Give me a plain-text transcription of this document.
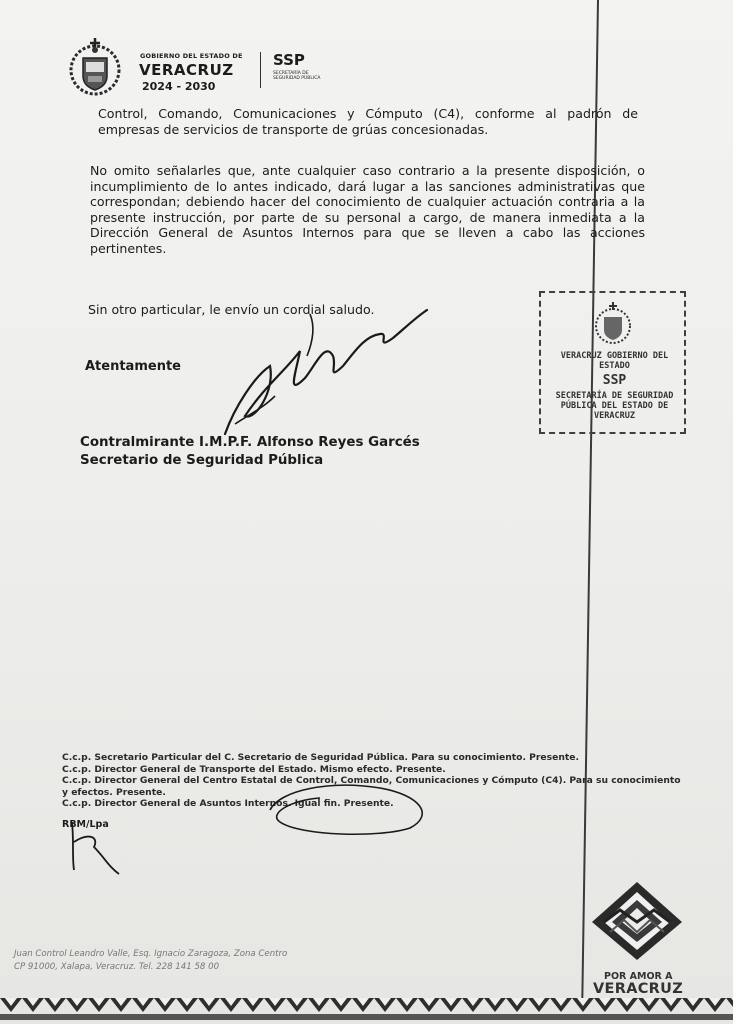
GOBIERNO DEL ESTADO DE
VERACRUZ
2024 - 2030
SSP
SECRETARÍA DE SEGURIDAD PÚBLICA

Control, Comando, Comunicaciones y Cómputo (C4), conforme al padrón de empresas de servicios de transporte de grúas concesionadas.

No omito señalarles que, ante cualquier caso contrario a la presente disposición, o incumplimiento de lo antes indicado, dará lugar a las sanciones administrativas que correspondan; debiendo hacer del conocimiento de cualquier actuación contraria a la presente instrucción, por parte de su personal a cargo, de manera inmediata a la Dirección General de Asuntos Internos para que se lleven a cabo las acciones pertinentes.

Sin otro particular, le envío un cordial saludo.

Atentamente
Contralmirante I.M.P.F. Alfonso Reyes Garcés
Secretario de Seguridad Pública
VERACRUZ GOBIERNO DEL ESTADO
SSP
SECRETARÍA DE SEGURIDAD PÚBLICA DEL ESTADO DE VERACRUZ
C.c.p. Secretario Particular del C. Secretario de Seguridad Pública. Para su conocimiento. Presente.
C.c.p. Director General de Transporte del Estado. Mismo efecto. Presente.
C.c.p. Director General del Centro Estatal de Control, Comando, Comunicaciones y Cómputo (C4). Para su conocimiento y efectos. Presente.
C.c.p. Director General de Asuntos Internos. Igual fin. Presente.
RBM/Lpa
Juan Control Leandro Valle, Esq. Ignacio Zaragoza, Zona Centro
CP 91000, Xalapa, Veracruz. Tel. 228 141 58 00
POR AMOR A
VERACRUZ
